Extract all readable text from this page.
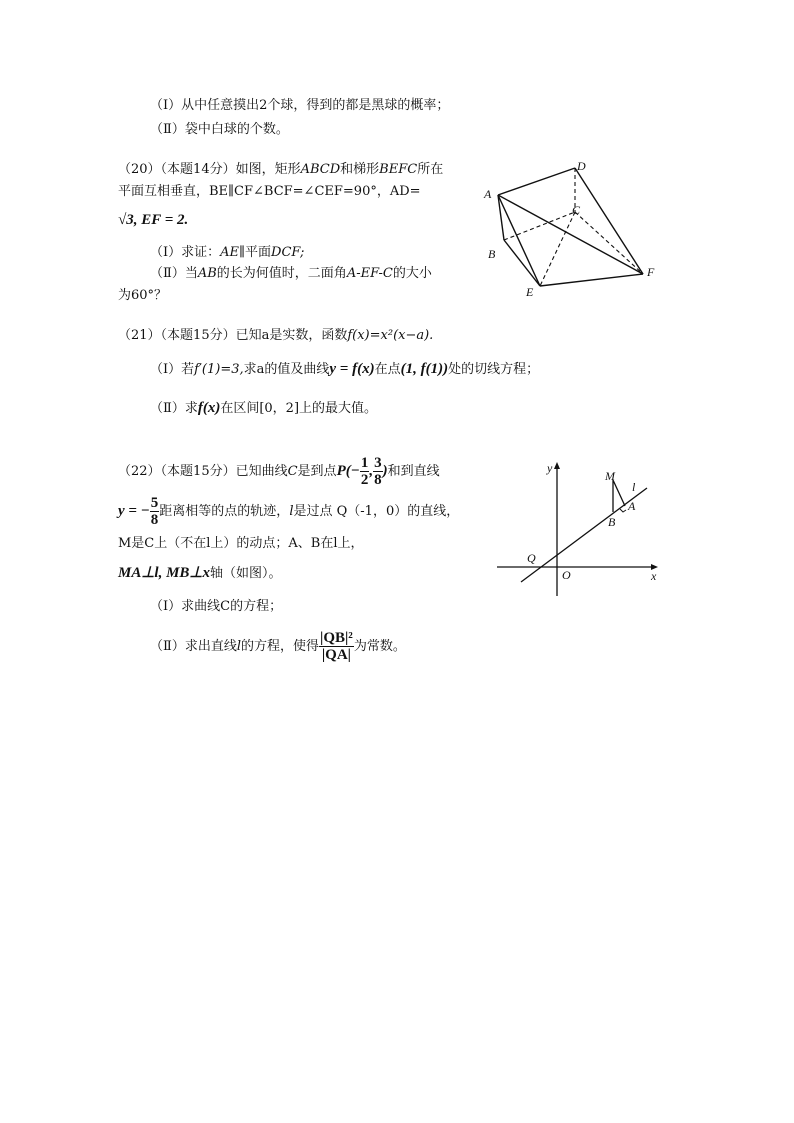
（Ⅰ）从中任意摸出2个球，得到的都是黑球的概率；
（Ⅱ）袋中白球的个数。
（20）（本题14分）如图，矩形ABCD和梯形BEFC所在
平面互相垂直，BE∥CF∠BCF=∠CEF=90°，AD=
√3, EF = 2.
（Ⅰ）求证：AE∥平面DCF;
（Ⅱ）当AB的长为何值时，二面角A-EF-C的大小
为60°？
A
B
C
D
E
F
（21）（本题15分）已知a是实数，函数f(x)=x²(x−a).
（Ⅰ）若f′(1)=3,求a的值及曲线y = f(x)在点(1, f(1))处的切线方程；
（Ⅱ）求f(x)在区间[0，2]上的最大值。
（22）（本题15分）已知曲线C是到点$P(- \frac{1}{2}$ , $\frac{3}{8}$ )和到直线
y = − $\frac{5}{8}$ 距离相等的点的轨迹，l是过点 Q（-1，0）的直线，
M是C上（不在l上）的动点；A、B在l上，
MA⊥l, MB⊥x轴（如图）。
（Ⅰ）求曲线C的方程；
（Ⅱ）求出直线l的方程，使得 $\frac{\text{|QB|²}}{|QA|}$ 为常数。
y
x
O
Q
M
l
A
B
